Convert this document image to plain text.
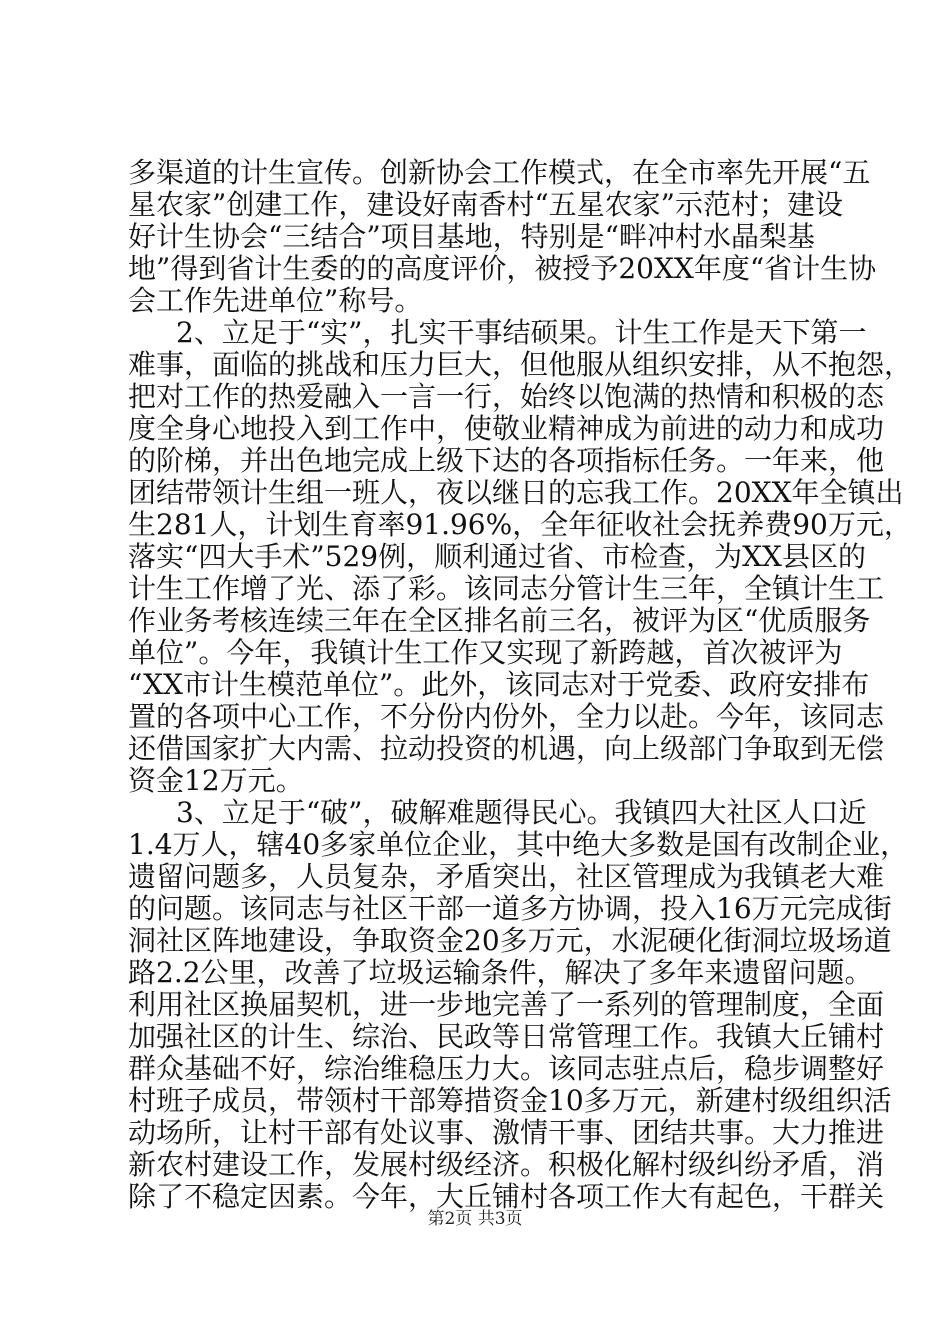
多渠道的计生宣传。创新协会工作模式，在全市率先开展“五
星农家”创建工作，建设好南香村“五星农家”示范村；建设
好计生协会“三结合”项目基地，特别是“畔冲村水晶梨基
地”得到省计生委的的高度评价，被授予20XX年度“省计生协
会工作先进单位”称号。
2、立足于“实”，扎实干事结硕果。计生工作是天下第一
难事，面临的挑战和压力巨大，但他服从组织安排，从不抱怨，
把对工作的热爱融入一言一行，始终以饱满的热情和积极的态
度全身心地投入到工作中，使敬业精神成为前进的动力和成功
的阶梯，并出色地完成上级下达的各项指标任务。一年来，他
团结带领计生组一班人，夜以继日的忘我工作。20XX年全镇出
生281人，计划生育率91.96%，全年征收社会抚养费90万元，
落实“四大手术”529例，顺利通过省、市检查，为XX县区的
计生工作增了光、添了彩。该同志分管计生三年，全镇计生工
作业务考核连续三年在全区排名前三名，被评为区“优质服务
单位”。今年，我镇计生工作又实现了新跨越，首次被评为
“XX市计生模范单位”。此外，该同志对于党委、政府安排布
置的各项中心工作，不分份内份外，全力以赴。今年，该同志
还借国家扩大内需、拉动投资的机遇，向上级部门争取到无偿
资金12万元。
3、立足于“破”，破解难题得民心。我镇四大社区人口近
1.4万人，辖40多家单位企业，其中绝大多数是国有改制企业，
遗留问题多，人员复杂，矛盾突出，社区管理成为我镇老大难
的问题。该同志与社区干部一道多方协调，投入16万元完成街
洞社区阵地建设，争取资金20多万元，水泥硬化街洞垃圾场道
路2.2公里，改善了垃圾运输条件，解决了多年来遗留问题。
利用社区换届契机，进一步地完善了一系列的管理制度，全面
加强社区的计生、综治、民政等日常管理工作。我镇大丘铺村
群众基础不好，综治维稳压力大。该同志驻点后，稳步调整好
村班子成员，带领村干部筹措资金10多万元，新建村级组织活
动场所，让村干部有处议事、激情干事、团结共事。大力推进
新农村建设工作，发展村级经济。积极化解村级纠纷矛盾，消
除了不稳定因素。今年，大丘铺村各项工作大有起色，干群关
第2页 共3页
